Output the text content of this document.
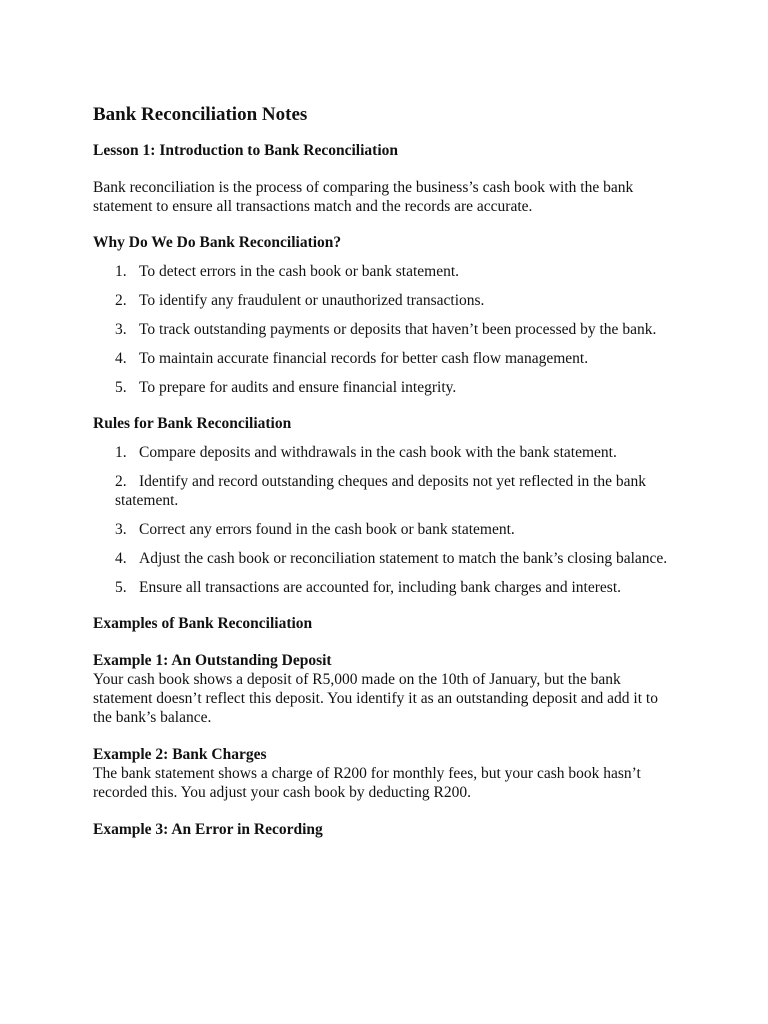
Bank Reconciliation Notes
Lesson 1: Introduction to Bank Reconciliation

Bank reconciliation is the process of comparing the business’s cash book with the bank statement to ensure all transactions match and the records are accurate.

Why Do We Do Bank Reconciliation?
1. To detect errors in the cash book or bank statement.
2. To identify any fraudulent or unauthorized transactions.
3. To track outstanding payments or deposits that haven’t been processed by the bank.
4. To maintain accurate financial records for better cash flow management.
5. To prepare for audits and ensure financial integrity.
Rules for Bank Reconciliation
1. Compare deposits and withdrawals in the cash book with the bank statement.
2. Identify and record outstanding cheques and deposits not yet reflected in the bank statement.
3. Correct any errors found in the cash book or bank statement.
4. Adjust the cash book or reconciliation statement to match the bank’s closing balance.
5. Ensure all transactions are accounted for, including bank charges and interest.
Examples of Bank Reconciliation
Example 1: An Outstanding Deposit

Your cash book shows a deposit of R5,000 made on the 10th of January, but the bank statement doesn’t reflect this deposit. You identify it as an outstanding deposit and add it to the bank’s balance.

Example 2: Bank Charges

The bank statement shows a charge of R200 for monthly fees, but your cash book hasn’t recorded this. You adjust your cash book by deducting R200.

Example 3: An Error in Recording
